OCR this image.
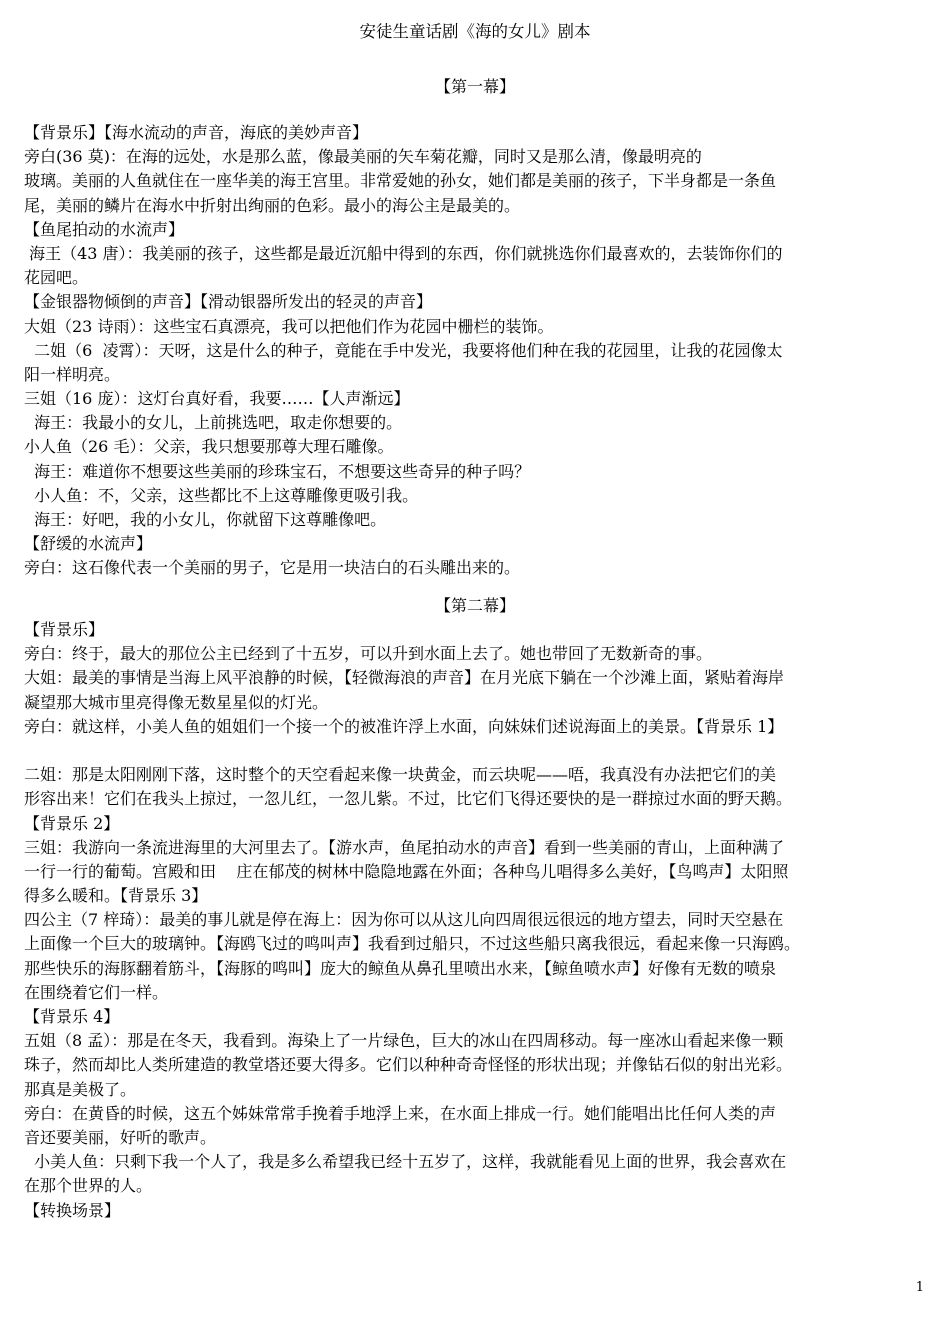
安徒生童话剧《海的女儿》剧本
【第一幕】
【背景乐】【海水流动的声音，海底的美妙声音】
旁白(36 莫)：在海的远处，水是那么蓝，像最美丽的矢车菊花瓣，同时又是那么清，像最明亮的
玻璃。美丽的人鱼就住在一座华美的海王宫里。非常爱她的孙女，她们都是美丽的孩子，下半身都是一条鱼
尾，美丽的鳞片在海水中折射出绚丽的色彩。最小的海公主是最美的。
【鱼尾拍动的水流声】
海王（43 唐）：我美丽的孩子，这些都是最近沉船中得到的东西，你们就挑选你们最喜欢的，去装饰你们的
花园吧。
【金银器物倾倒的声音】【滑动银器所发出的轻灵的声音】
大姐（23 诗雨）：这些宝石真漂亮，我可以把他们作为花园中栅栏的装饰。
二姐（6  凌霄）：天呀，这是什么的种子，竟能在手中发光，我要将他们种在我的花园里，让我的花园像太
阳一样明亮。
三姐（16 庞）：这灯台真好看，我要……【人声渐远】
海王：我最小的女儿，上前挑选吧，取走你想要的。
小人鱼（26 毛）：父亲，我只想要那尊大理石雕像。
海王：难道你不想要这些美丽的珍珠宝石，不想要这些奇异的种子吗？
小人鱼：不，父亲，这些都比不上这尊雕像更吸引我。
海王：好吧，我的小女儿，你就留下这尊雕像吧。
【舒缓的水流声】
旁白：这石像代表一个美丽的男子，它是用一块洁白的石头雕出来的。
【第二幕】
【背景乐】
旁白：终于，最大的那位公主已经到了十五岁，可以升到水面上去了。她也带回了无数新奇的事。
大姐：最美的事情是当海上风平浪静的时候，【轻微海浪的声音】在月光底下躺在一个沙滩上面，紧贴着海岸
凝望那大城市里亮得像无数星星似的灯光。
旁白：就这样，小美人鱼的姐姐们一个接一个的被准许浮上水面，向妹妹们述说海面上的美景。【背景乐 1】
二姐：那是太阳刚刚下落，这时整个的天空看起来像一块黄金，而云块呢——唔，我真没有办法把它们的美
形容出来！它们在我头上掠过，一忽儿红，一忽儿紫。不过，比它们飞得还要快的是一群掠过水面的野天鹅。
【背景乐 2】
三姐：我游向一条流进海里的大河里去了。【游水声，鱼尾拍动水的声音】看到一些美丽的青山，上面种满了
一行一行的葡萄。宫殿和田    庄在郁茂的树林中隐隐地露在外面；各种鸟儿唱得多么美好，【鸟鸣声】太阳照
得多么暖和。【背景乐 3】
四公主（7 梓琦）：最美的事儿就是停在海上：因为你可以从这儿向四周很远很远的地方望去，同时天空悬在
上面像一个巨大的玻璃钟。【海鸥飞过的鸣叫声】我看到过船只，不过这些船只离我很远，看起来像一只海鸥。
那些快乐的海豚翻着筋斗，【海豚的鸣叫】庞大的鲸鱼从鼻孔里喷出水来，【鲸鱼喷水声】好像有无数的喷泉
在围绕着它们一样。
【背景乐 4】
五姐（8 孟）：那是在冬天，我看到。海染上了一片绿色，巨大的冰山在四周移动。每一座冰山看起来像一颗
珠子，然而却比人类所建造的教堂塔还要大得多。它们以种种奇奇怪怪的形状出现；并像钻石似的射出光彩。
那真是美极了。
旁白：在黄昏的时候，这五个姊妹常常手挽着手地浮上来，在水面上排成一行。她们能唱出比任何人类的声
音还要美丽，好听的歌声。
小美人鱼：只剩下我一个人了，我是多么希望我已经十五岁了，这样，我就能看见上面的世界，我会喜欢在
在那个世界的人。
【转换场景】
1
